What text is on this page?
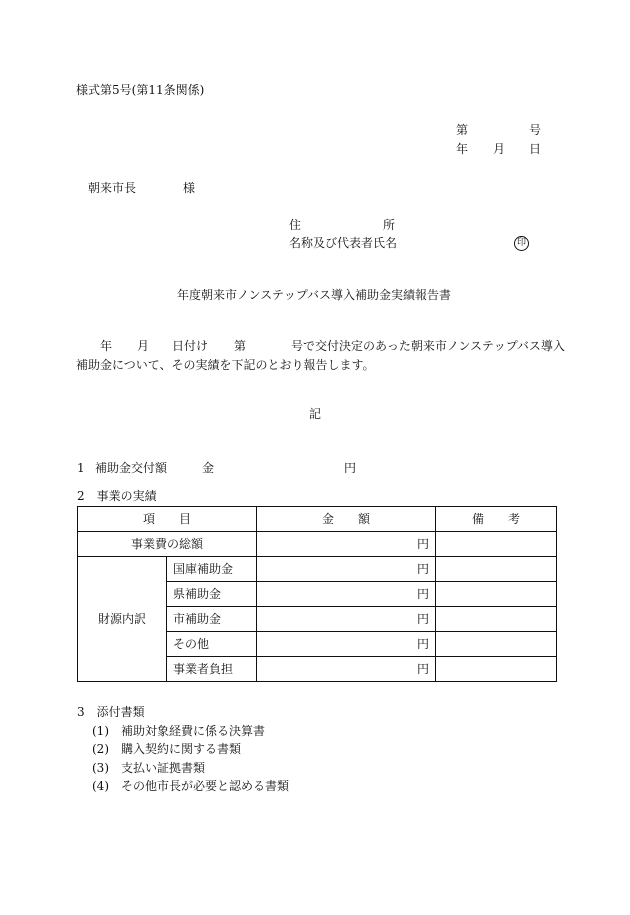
様式第5号(第11条関係)
第	号
年 月 日
朝来市長	様
住	所
名称及び代表者氏名	印
年度朝来市ノンステップバス導入補助金実績報告書
年 月 日付け 第	号で交付決定のあった朝来市ノンステップバス導入
補助金について、その実績を下記のとおり報告します。
記
1 補助金交付額	金	円
2　事業の実績
項　　目		金　　額	備　　考
事業費の総額		円	
財源内訳	国庫補助金	円	
	県補助金	円	
	市補助金	円	
	その他	円	
	事業者負担	円	
3　添付書類
(1)　補助対象経費に係る決算書
(2)　購入契約に関する書類
(3)　支払い証拠書類
(4)　その他市長が必要と認める書類
